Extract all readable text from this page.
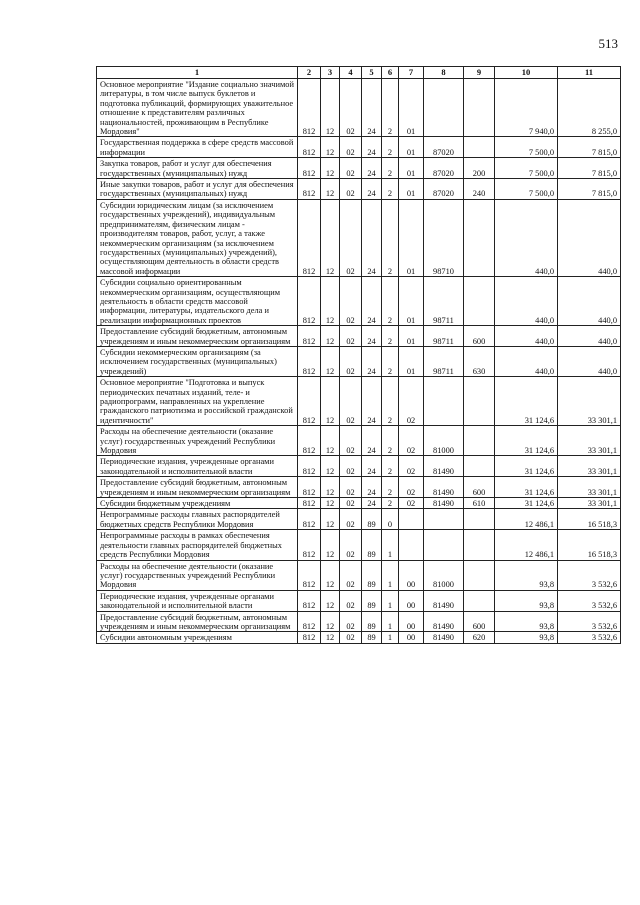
513
1	2	3	4	5	6	7	8	9	10	11
Основное мероприятие "Издание социально значимой литературы, в том числе выпуск буклетов и подготовка публикаций, формирующих уважительное отношение к представителям различных национальностей, проживающим в Республике Мордовия"	812	12	02	24	2	01			7 940,0	8 255,0
Государственная поддержка в сфере средств массовой информации	812	12	02	24	2	01	87020		7 500,0	7 815,0
Закупка товаров, работ и услуг для обеспечения государственных (муниципальных) нужд	812	12	02	24	2	01	87020	200	7 500,0	7 815,0
Иные закупки товаров, работ и услуг для обеспечения государственных (муниципальных) нужд	812	12	02	24	2	01	87020	240	7 500,0	7 815,0
Субсидии юридическим лицам (за исключением государственных учреждений), индивидуальным предпринимателям, физическим лицам - производителям товаров, работ, услуг, а также некоммерческим организациям (за исключением государственных (муниципальных) учреждений), осуществляющим деятельность в области средств массовой информации	812	12	02	24	2	01	98710		440,0	440,0
Субсидии социально ориентированным некоммерческим организациям, осуществляющим деятельность в области средств массовой информации, литературы, издательского дела и реализации информационных проектов	812	12	02	24	2	01	98711		440,0	440,0
Предоставление субсидий бюджетным, автономным учреждениям и иным некоммерческим организациям	812	12	02	24	2	01	98711	600	440,0	440,0
Субсидии некоммерческим организациям (за исключением государственных (муниципальных) учреждений)	812	12	02	24	2	01	98711	630	440,0	440,0
Основное мероприятие "Подготовка и выпуск периодических печатных изданий, теле- и радиопрограмм, направленных на укрепление гражданского патриотизма и российской гражданской идентичности"	812	12	02	24	2	02			31 124,6	33 301,1
Расходы на обеспечение деятельности (оказание услуг) государственных учреждений Республики Мордовия	812	12	02	24	2	02	81000		31 124,6	33 301,1
Периодические издания, учрежденные органами законодательной и исполнительной власти	812	12	02	24	2	02	81490		31 124,6	33 301,1
Предоставление субсидий бюджетным, автономным учреждениям и иным некоммерческим организациям	812	12	02	24	2	02	81490	600	31 124,6	33 301,1
Субсидии бюджетным учреждениям	812	12	02	24	2	02	81490	610	31 124,6	33 301,1
Непрограммные расходы главных распорядителей бюджетных средств Республики Мордовия	812	12	02	89	0				12 486,1	16 518,3
Непрограммные расходы в рамках обеспечения деятельности главных распорядителей бюджетных средств Республики Мордовия	812	12	02	89	1				12 486,1	16 518,3
Расходы на обеспечение деятельности (оказание услуг) государственных учреждений Республики Мордовия	812	12	02	89	1	00	81000		93,8	3 532,6
Периодические издания, учрежденные органами законодательной и исполнительной власти	812	12	02	89	1	00	81490		93,8	3 532,6
Предоставление субсидий бюджетным, автономным учреждениям и иным некоммерческим организациям	812	12	02	89	1	00	81490	600	93,8	3 532,6
Субсидии автономным учреждениям	812	12	02	89	1	00	81490	620	93,8	3 532,6
